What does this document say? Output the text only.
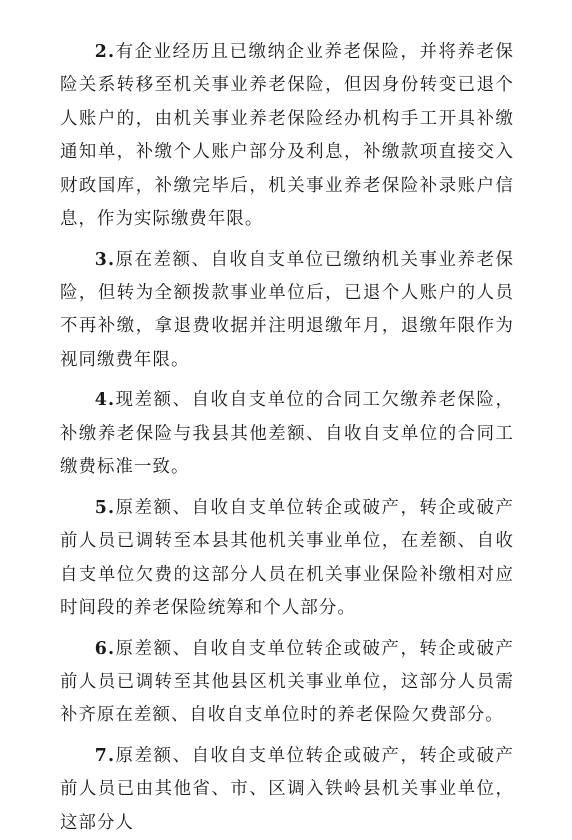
2.有企业经历且已缴纳企业养老保险，并将养老保险关系转移至机关事业养老保险，但因身份转变已退个人账户的，由机关事业养老保险经办机构手工开具补缴通知单，补缴个人账户部分及利息，补缴款项直接交入财政国库，补缴完毕后，机关事业养老保险补录账户信息，作为实际缴费年限。

3.原在差额、自收自支单位已缴纳机关事业养老保险，但转为全额拨款事业单位后，已退个人账户的人员不再补缴，拿退费收据并注明退缴年月，退缴年限作为视同缴费年限。

4.现差额、自收自支单位的合同工欠缴养老保险，补缴养老保险与我县其他差额、自收自支单位的合同工缴费标准一致。

5.原差额、自收自支单位转企或破产，转企或破产前人员已调转至本县其他机关事业单位，在差额、自收自支单位欠费的这部分人员在机关事业保险补缴相对应时间段的养老保险统筹和个人部分。

6.原差额、自收自支单位转企或破产，转企或破产前人员已调转至其他县区机关事业单位，这部分人员需补齐原在差额、自收自支单位时的养老保险欠费部分。

7.原差额、自收自支单位转企或破产，转企或破产前人员已由其他省、市、区调入铁岭县机关事业单位，这部分人
